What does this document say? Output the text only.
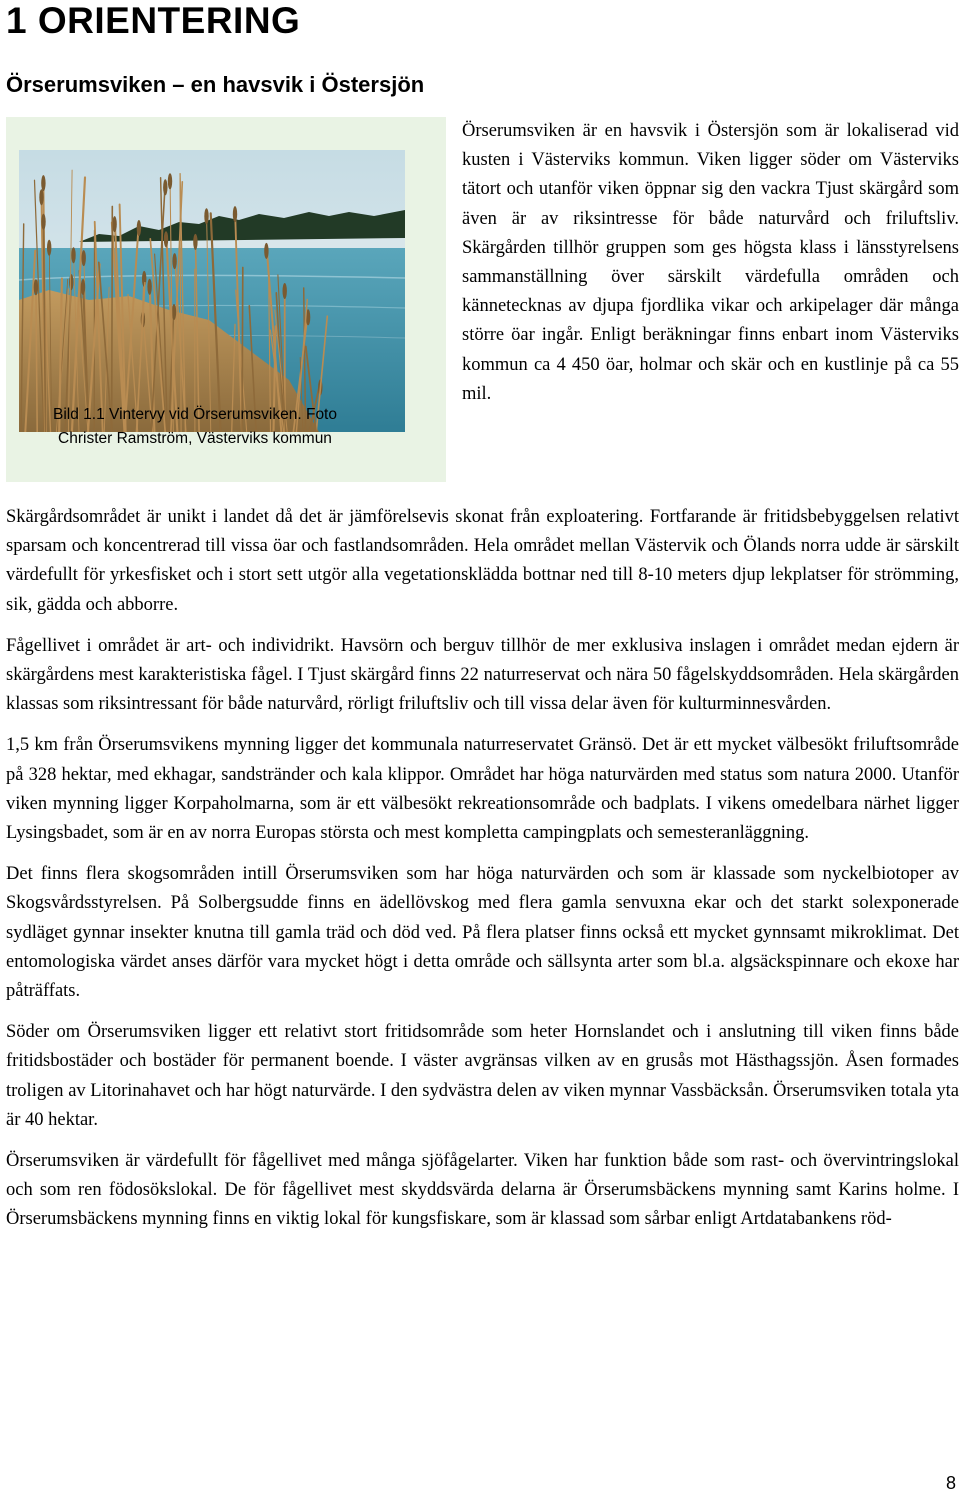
1 ORIENTERING
Örserumsviken – en havsvik i Östersjön
Bild 1.1 Vintervy vid Örserumsviken. Foto
Christer Ramström, Västerviks kommun

Örserumsviken är en havsvik i Östersjön som är lokaliserad vid kusten i Västerviks kommun. Viken ligger söder om Västerviks tätort och utanför viken öppnar sig den vackra Tjust skärgård som även är av riksintresse för både naturvård och friluftsliv. Skärgården tillhör gruppen som ges högsta klass i länsstyrelsens sammanställning över särskilt värdefulla områden och kännetecknas av djupa fjordlika vikar och arkipelager där många större öar ingår. Enligt beräkningar finns enbart inom Västerviks kommun ca 4 450 öar, holmar och skär och en kustlinje på ca 55 mil.

Skärgårdsområdet är unikt i landet då det är jämförelsevis skonat från exploatering. Fortfarande är fritidsbebyggelsen relativt sparsam och koncentrerad till vissa öar och fastlandsområden. Hela området mellan Västervik och Ölands norra udde är särskilt värdefullt för yrkesfisket och i stort sett utgör alla vegetationsklädda bottnar ned till 8-10 meters djup lekplatser för strömming, sik, gädda och abborre.

Fågellivet i området är art- och individrikt. Havsörn och berguv tillhör de mer exklusiva inslagen i området medan ejdern är skärgårdens mest karakteristiska fågel. I Tjust skärgård finns 22 naturreservat och nära 50 fågelskyddsområden. Hela skärgården klassas som riksintressant för både naturvård, rörligt friluftsliv och till vissa delar även för kulturminnesvården.

1,5 km från Örserumsvikens mynning ligger det kommunala naturreservatet Gränsö. Det är ett mycket välbesökt friluftsområde på 328 hektar, med ekhagar, sandstränder och kala klippor. Området har höga naturvärden med status som natura 2000. Utanför viken mynning ligger Korpaholmarna, som är ett välbesökt rekreationsområde och badplats. I vikens omedelbara närhet ligger Lysingsbadet, som är en av norra Europas största och mest kompletta campingplats och semesteranläggning.

Det finns flera skogsområden intill Örserumsviken som har höga naturvärden och som är klassade som nyckelbiotoper av Skogsvårdsstyrelsen. På Solbergsudde finns en ädellövskog med flera gamla senvuxna ekar och det starkt solexponerade sydläget gynnar insekter knutna till gamla träd och död ved. På flera platser finns också ett mycket gynnsamt mikroklimat. Det entomologiska värdet anses därför vara mycket högt i detta område och sällsynta arter som bl.a. algsäckspinnare och ekoxe har påträffats.

Söder om Örserumsviken ligger ett relativt stort fritidsområde som heter Hornslandet och i anslutning till viken finns både fritidsbostäder och bostäder för permanent boende. I väster avgränsas vilken av en grusås mot Hästhagssjön. Åsen formades troligen av Litorinahavet och har högt naturvärde. I den sydvästra delen av viken mynnar Vassbäcksån. Örserumsviken totala yta är 40 hektar.

Örserumsviken är värdefullt för fågellivet med många sjöfågelarter. Viken har funktion både som rast- och övervintringslokal och som ren födosökslokal. De för fågellivet mest skyddsvärda delarna är Örserumsbäckens mynning samt Karins holme. I Örserumsbäckens mynning finns en viktig lokal för kungsfiskare, som är klassad som sårbar enligt Artdatabankens röd-

8
